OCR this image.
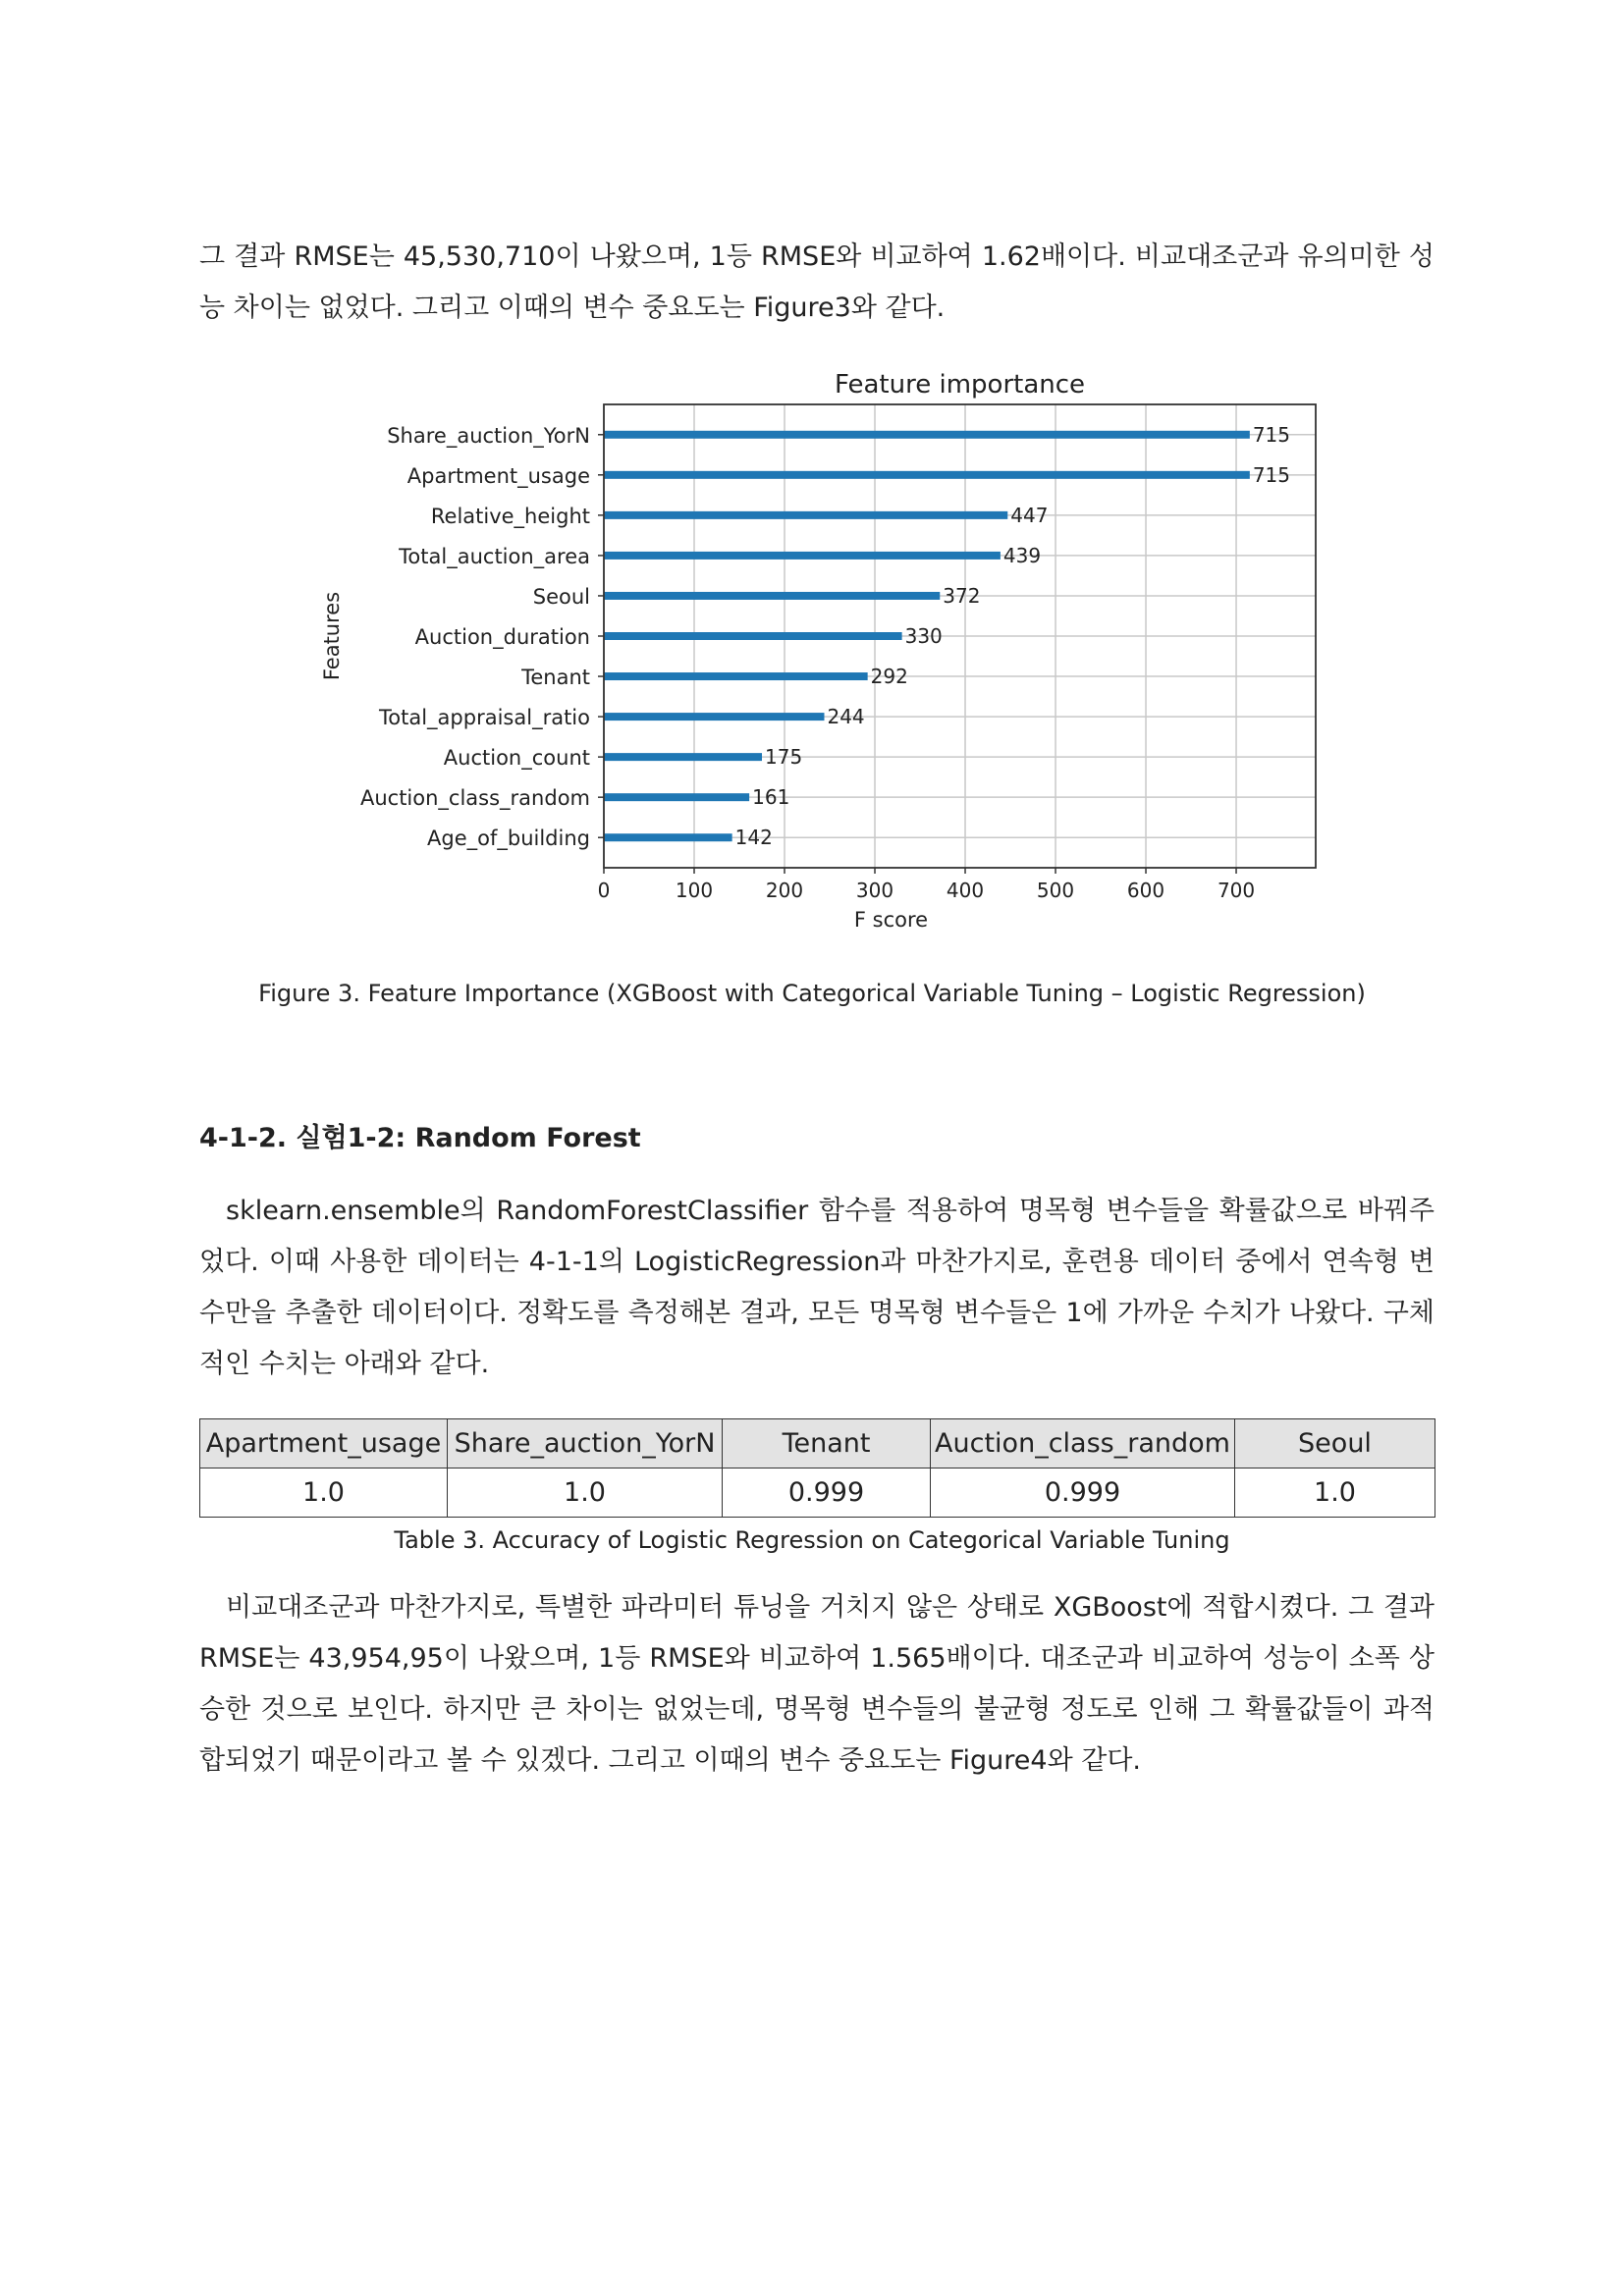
그 결과 RMSE는 45,530,710이 나왔으며, 1등 RMSE와 비교하여 1.62배이다. 비교대조군과 유의미한 성능 차이는 없었다. 그리고 이때의 변수 중요도는 Figure3와 같다.

Feature importance
0	100	200	300	400	500	600	700
715
Share_auction_YorN
715
Apartment_usage
447
Relative_height
439
Total_auction_area
372
Seoul
330
Auction_duration
292
Tenant
244
Total_appraisal_ratio
175
Auction_count
161
Auction_class_random
142
Age_of_building
F score
Features

Figure 3. Feature Importance (XGBoost with Categorical Variable Tuning – Logistic Regression)

4-1-2. 실험1-2: Random Forest

sklearn.ensemble의 RandomForestClassifier 함수를 적용하여 명목형 변수들을 확률값으로 바꿔주었다. 이때 사용한 데이터는 4-1-1의 LogisticRegression과 마찬가지로, 훈련용 데이터 중에서 연속형 변수만을 추출한 데이터이다. 정확도를 측정해본 결과, 모든 명목형 변수들은 1에 가까운 수치가 나왔다. 구체적인 수치는 아래와 같다.

Apartment_usage	Share_auction_YorN	Tenant	Auction_class_random	Seoul
1.0	1.0	0.999	0.999	1.0

Table 3. Accuracy of Logistic Regression on Categorical Variable Tuning

비교대조군과 마찬가지로, 특별한 파라미터 튜닝을 거치지 않은 상태로 XGBoost에 적합시켰다. 그 결과 RMSE는 43,954,95이 나왔으며, 1등 RMSE와 비교하여 1.565배이다. 대조군과 비교하여 성능이 소폭 상승한 것으로 보인다. 하지만 큰 차이는 없었는데, 명목형 변수들의 불균형 정도로 인해 그 확률값들이 과적합되었기 때문이라고 볼 수 있겠다. 그리고 이때의 변수 중요도는 Figure4와 같다.
